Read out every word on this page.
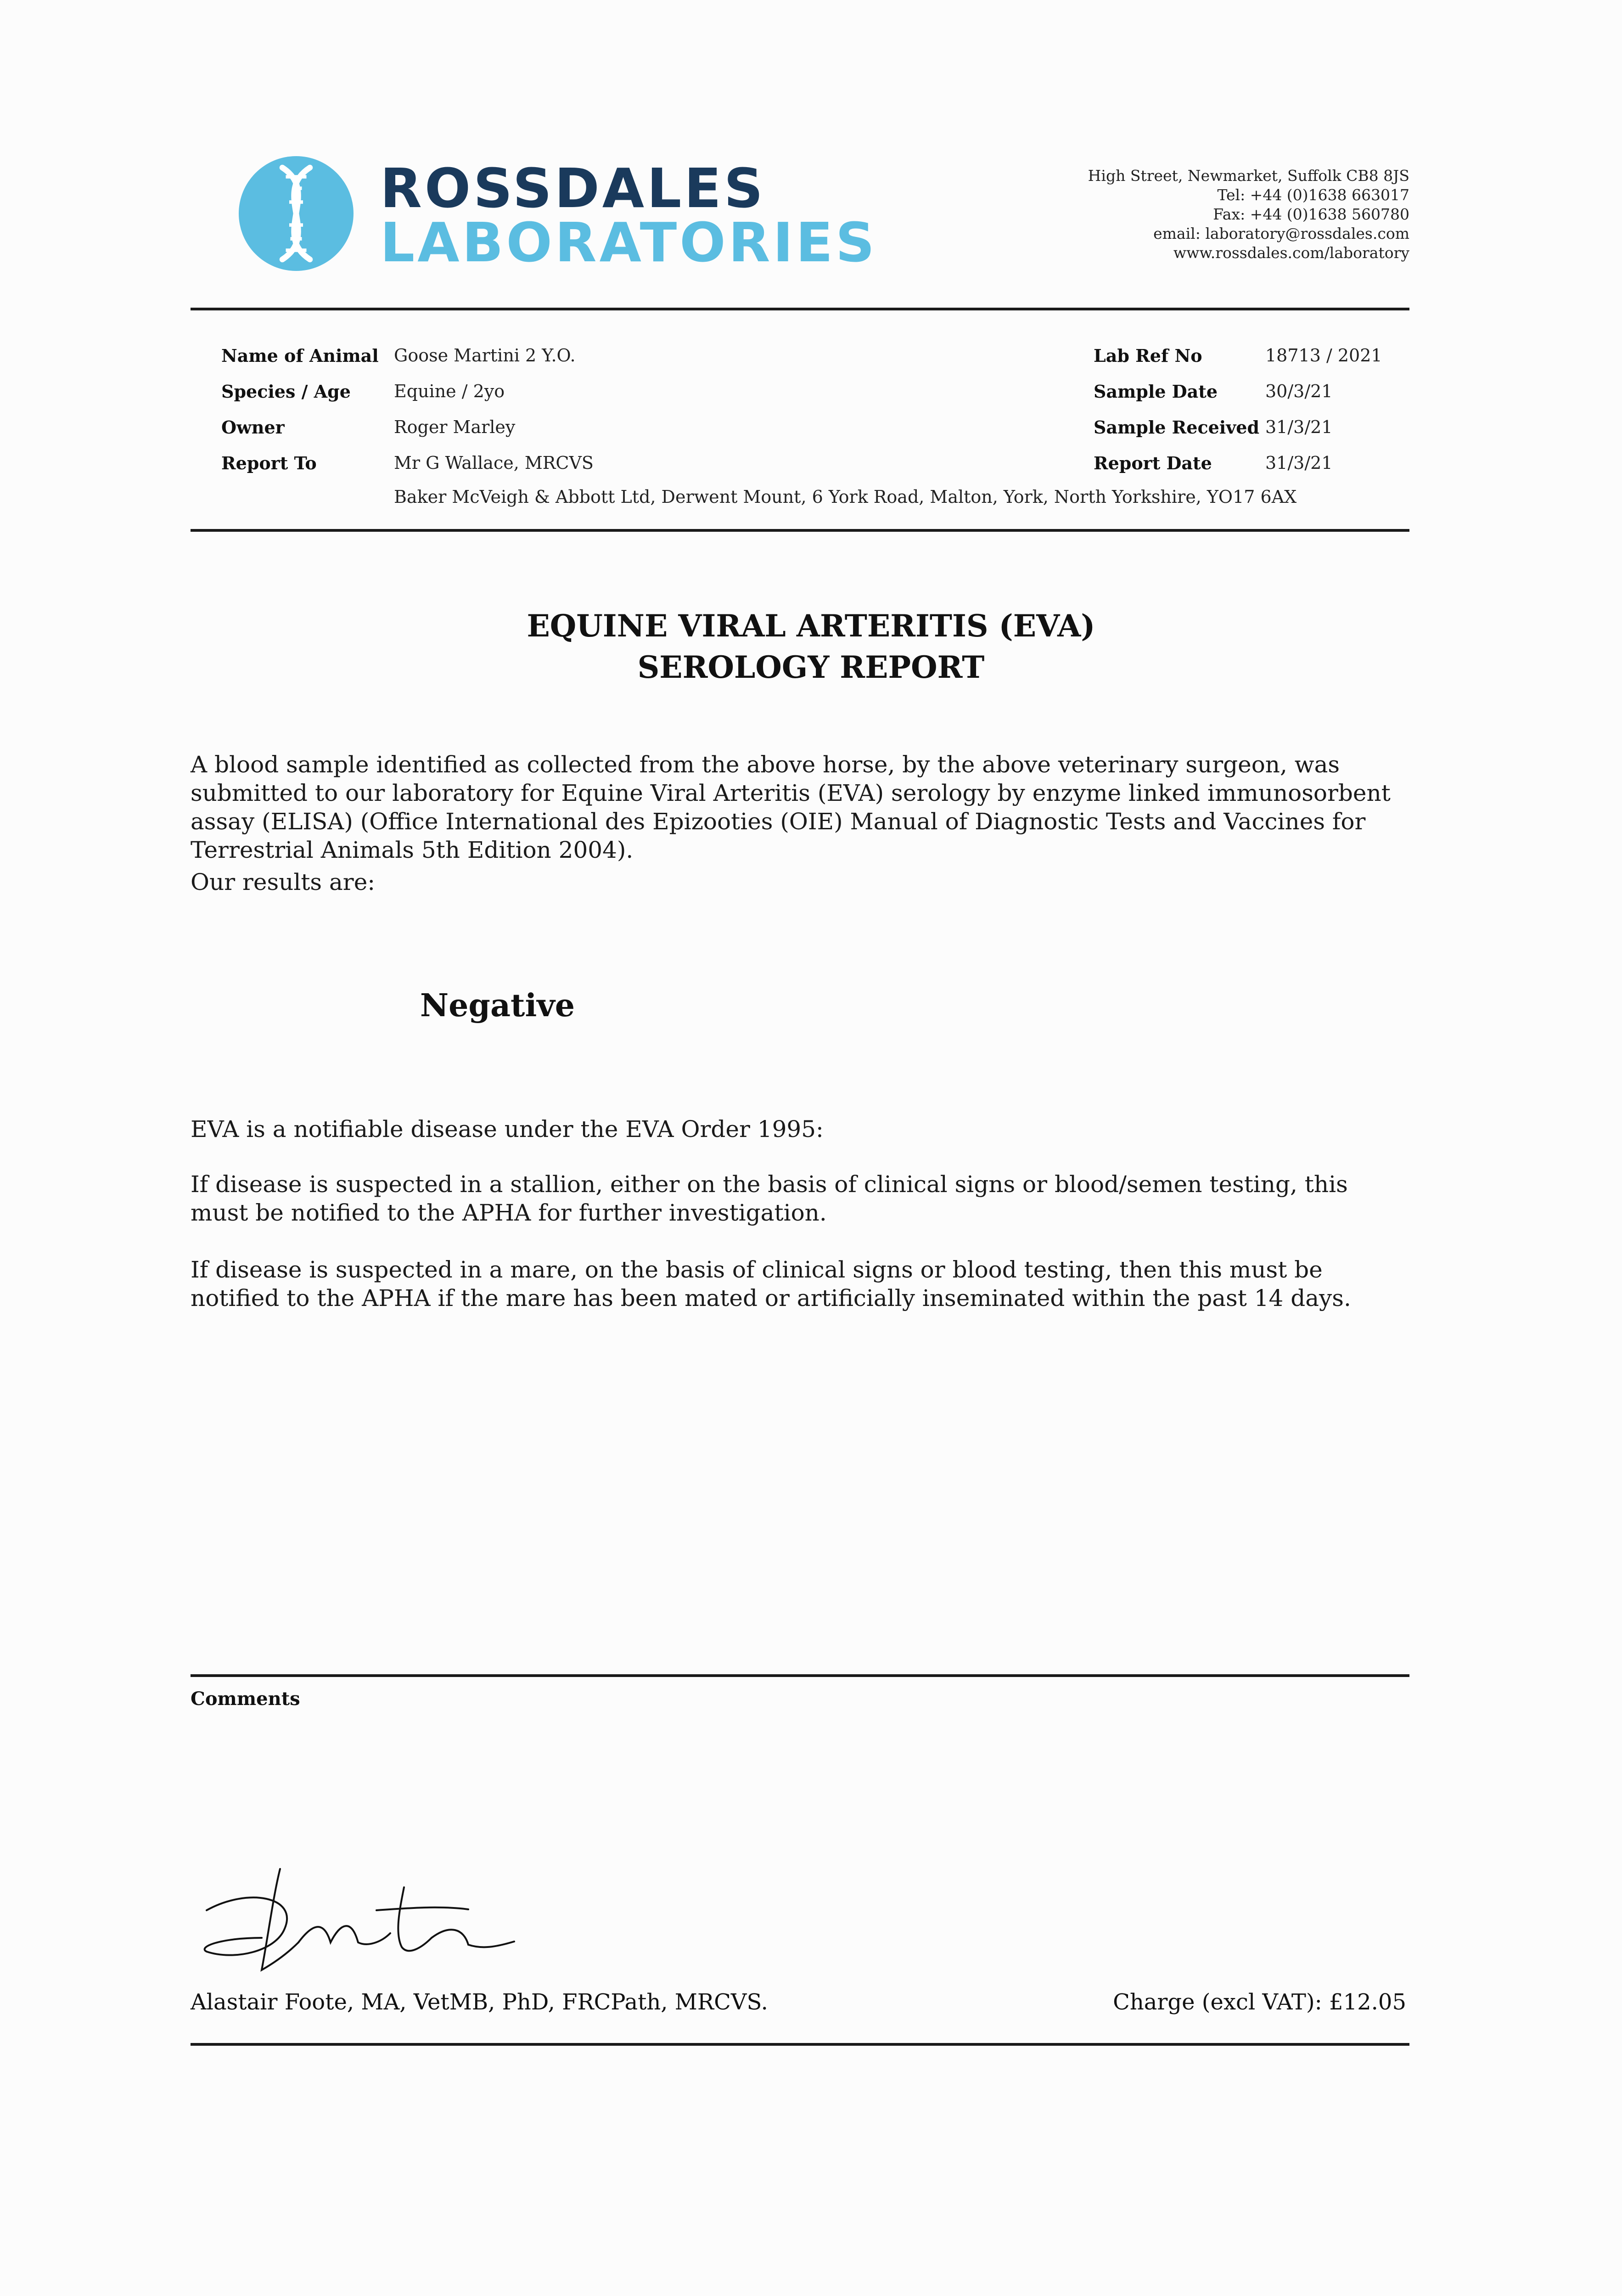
ROSSDALES
LABORATORIES
High Street, Newmarket, Suffolk CB8 8JS
Tel: +44 (0)1638 663017
Fax: +44 (0)1638 560780
email: laboratory@rossdales.com
www.rossdales.com/laboratory
Name of Animal Goose Martini 2 Y.O.	Lab Ref No	18713 / 2021
Species / Age Equine / 2yo	Sample Date	30/3/21
Owner	Roger Marley	Sample Received 31/3/21
Report To	Mr G Wallace, MRCVS	Report Date	31/3/21
Baker McVeigh & Abbott Ltd, Derwent Mount, 6 York Road, Malton, York, North Yorkshire, YO17 6AX
EQUINE VIRAL ARTERITIS (EVA)
SEROLOGY REPORT
A blood sample identified as collected from the above horse, by the above veterinary surgeon, was submitted to our laboratory for Equine Viral Arteritis (EVA) serology by enzyme linked immunosorbent assay (ELISA) (Office International des Epizooties (OIE) Manual of Diagnostic Tests and Vaccines for Terrestrial Animals 5th Edition 2004).
Our results are:
Negative
EVA is a notifiable disease under the EVA Order 1995:
If disease is suspected in a stallion, either on the basis of clinical signs or blood/semen testing, this must be notified to the APHA for further investigation.
If disease is suspected in a mare, on the basis of clinical signs or blood testing, then this must be notified to the APHA if the mare has been mated or artificially inseminated within the past 14 days.
Comments
Alastair Foote, MA, VetMB, PhD, FRCPath, MRCVS.	Charge (excl VAT): £12.05
